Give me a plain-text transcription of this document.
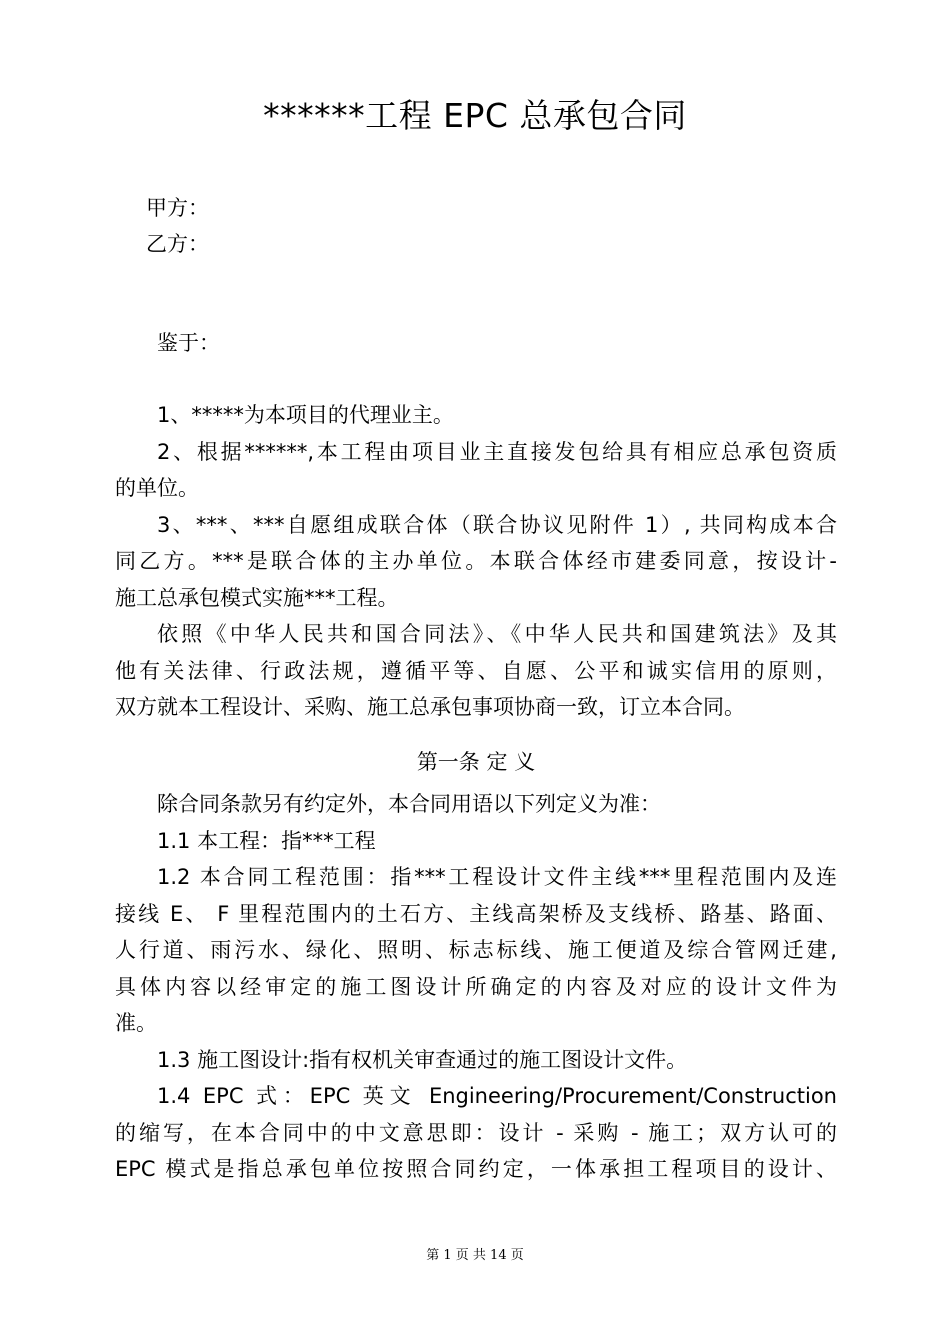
******工程 EPC 总承包合同
甲方：
乙方：
鉴于：
1、*****为本项目的代理业主。
2、根据******,本工程由项目业主直接发包给具有相应总承包资质
的单位。
3、***、***自愿组成联合体（联合协议见附件 1）, 共同构成本合
同乙方。***是联合体的主办单位。本联合体经市建委同意，按设计-
施工总承包模式实施***工程。
依照《中华人民共和国合同法》、《中华人民共和国建筑法》及其
他有关法律、行政法规，遵循平等、自愿、公平和诚实信用的原则，
双方就本工程设计、采购、施工总承包事项协商一致，订立本合同。
第一条 定 义
除合同条款另有约定外，本合同用语以下列定义为准：
1.1 本工程：指***工程
1.2 本合同工程范围：指***工程设计文件主线***里程范围内及连
接线 E、 F 里程范围内的土石方、主线高架桥及支线桥、路基、路面、
人行道、雨污水、绿化、照明、标志标线、施工便道及综合管网迁建,
具体内容以经审定的施工图设计所确定的内容及对应的设计文件为
准。
1.3 施工图设计:指有权机关审查通过的施工图设计文件。
1.4 EPC 式：EPC 英文 Engineering/Procurement/Construction
的缩写，在本合同中的中文意思即：设计 - 采购 - 施工；双方认可的
EPC 模式是指总承包单位按照合同约定，一体承担工程项目的设计、
第 1 页 共 14 页
